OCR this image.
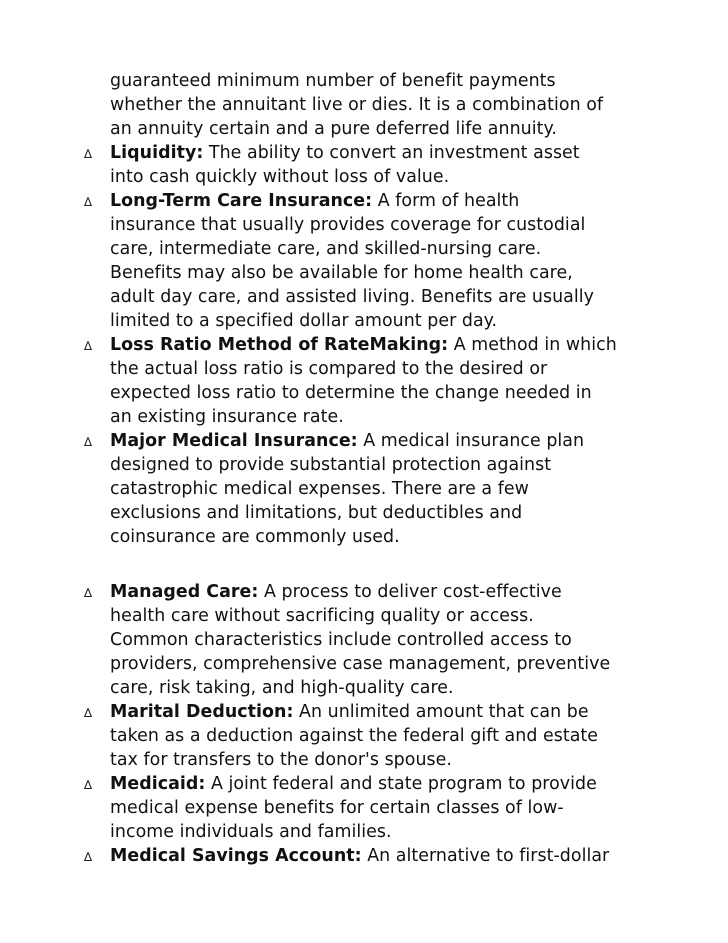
guaranteed minimum number of benefit payments
whether the annuitant live or dies. It is a combination of
an annuity certain and a pure deferred life annuity.
∆	Liquidity: The ability to convert an investment asset
into cash quickly without loss of value.
∆	Long-Term Care Insurance: A form of health
insurance that usually provides coverage for custodial
care, intermediate care, and skilled-nursing care.
Benefits may also be available for home health care,
adult day care, and assisted living. Benefits are usually
limited to a specified dollar amount per day.
∆	Loss Ratio Method of RateMaking: A method in which
the actual loss ratio is compared to the desired or
expected loss ratio to determine the change needed in
an existing insurance rate.
∆	Major Medical Insurance: A medical insurance plan
designed to provide substantial protection against
catastrophic medical expenses. There are a few
exclusions and limitations, but deductibles and
coinsurance are commonly used.
∆	Managed Care: A process to deliver cost-effective
health care without sacrificing quality or access.
Common characteristics include controlled access to
providers, comprehensive case management, preventive
care, risk taking, and high-quality care.
∆	Marital Deduction: An unlimited amount that can be
taken as a deduction against the federal gift and estate
tax for transfers to the donor's spouse.
∆	Medicaid: A joint federal and state program to provide
medical expense benefits for certain classes of low-
income individuals and families.
∆	Medical Savings Account: An alternative to first-dollar
